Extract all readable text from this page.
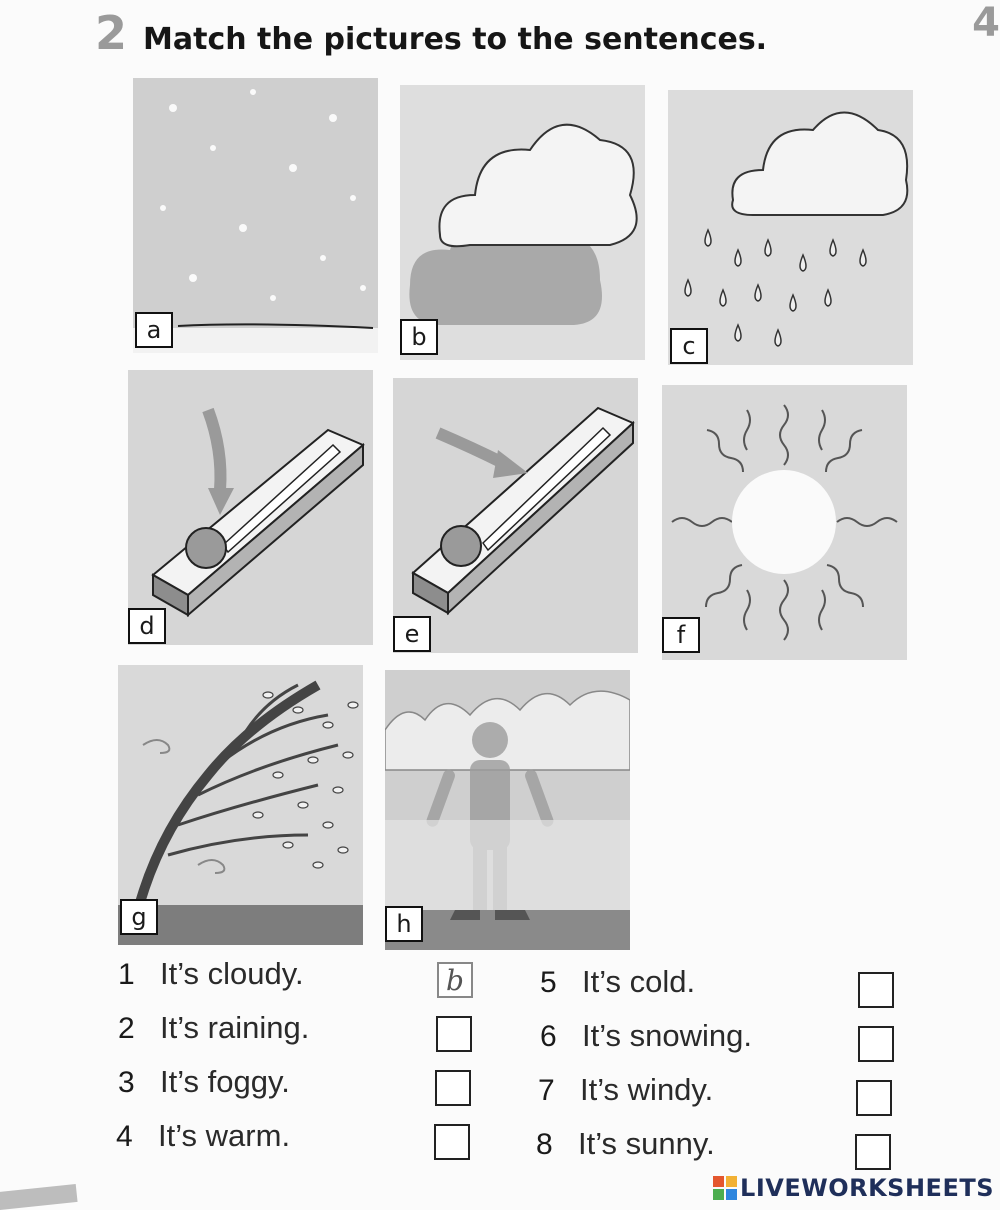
2 Match the pictures to the sentences.	4
a	b	c
d	e	f
g	h
1 It’s cloudy.	b
2 It’s raining.
3 It’s foggy.
4 It’s warm.
5 It’s cold.
6 It’s snowing.
7 It’s windy.
8 It’s sunny.
LIVEWORKSHEETS
